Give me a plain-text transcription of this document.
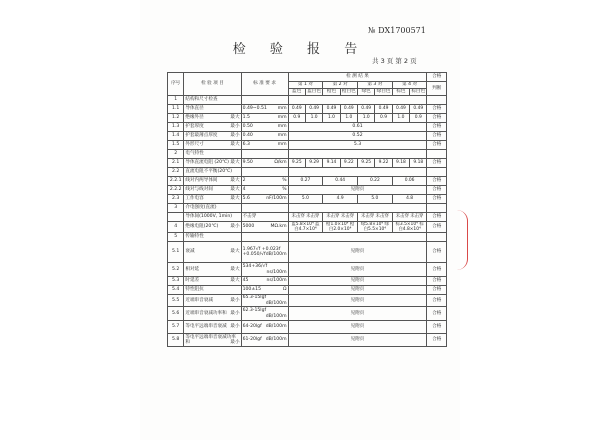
№ DX1700571
检 验 报 告
共 3 页 第 2 页
序号	检 验 项 目	标 准 要 求	检 测 结 果								合格
			第 1 对		第 2 对		第 3 对		第 4 对		判断
			蓝色	蓝白色	橙色	橙白色	绿色	绿白色	棕色	棕白色	
1	结构和尺寸检查										
1.1	导体直径	0.49~0.51 mm	0.49	0.49	0.49	0.49	0.49	0.49	0.49	0.49	合格
1.2	绝缘外径 最大	1.5 mm	0.9	1.0	1.0	1.0	1.0	0.9	1.0	0.9	合格
1.3	护套厚度 最小	0.50 mm	0.61								合格
1.4	护套最薄点厚度 最小	0.40 mm	0.52								合格
1.5	外形尺寸 最大	6.3 mm	5.3								合格
2	电气特性										
2.1	导体直流电阻 (20℃) 最大	9.50 Ω/km	9.25	9.29	9.14	9.22	9.25	9.22	9.18	9.18	合格
2.2	直流电阻不平衡(20℃)										
2.2.1	线对内两导体间 最大	2 %	0.27		0.44		0.22		0.06		合格
2.2.2	线对与线对间 最大	4 %	见附页								合格
2.3	工作电容 最大	5.6 nF/100m	5.0		4.9		5.0		4.8		合格
3	介电强度(直流)										
	导体间(1000V, 1min)	不击穿	未击穿 未击穿		未击穿 未击穿		未击穿 未击穿		未击穿 未击穿		合格
4	绝缘电阻(20℃) 最小	5000 MΩ.km	蓝5.8×10⁴ 蓝白4.7×10⁴		橙1.0×10⁴ 橙白2.0×10⁴		绿5.8×10⁴ 绿白5.5×10⁴		棕3.5×10⁴ 棕白4.8×10⁴		合格
5	传输特性										
5.1	衰减 最大	1.967√f +0.023f +0.050/√f dB/100m	见附页								合格
5.2	相对延 最大	534+36/√f
ns/100m	见附页								合格
5.3	时延差 最大	45 ns/100m	见附页								合格
5.4	特性阻抗	100±15 Ω	见附页								合格
5.5	近端串音衰减 最小	65.3-15lgf
dB/100m	见附页								合格
5.6	近端串音衰减功率和 最小	62.3-15lgf
dB/100m	见附页								合格
5.7	等电平远端串音衰减 最小	64-20lgf dB/100m	见附页								合格
5.8	等电平远端串音衰减功率和 最小	61-20lgf dB/100m	见附页								合格
